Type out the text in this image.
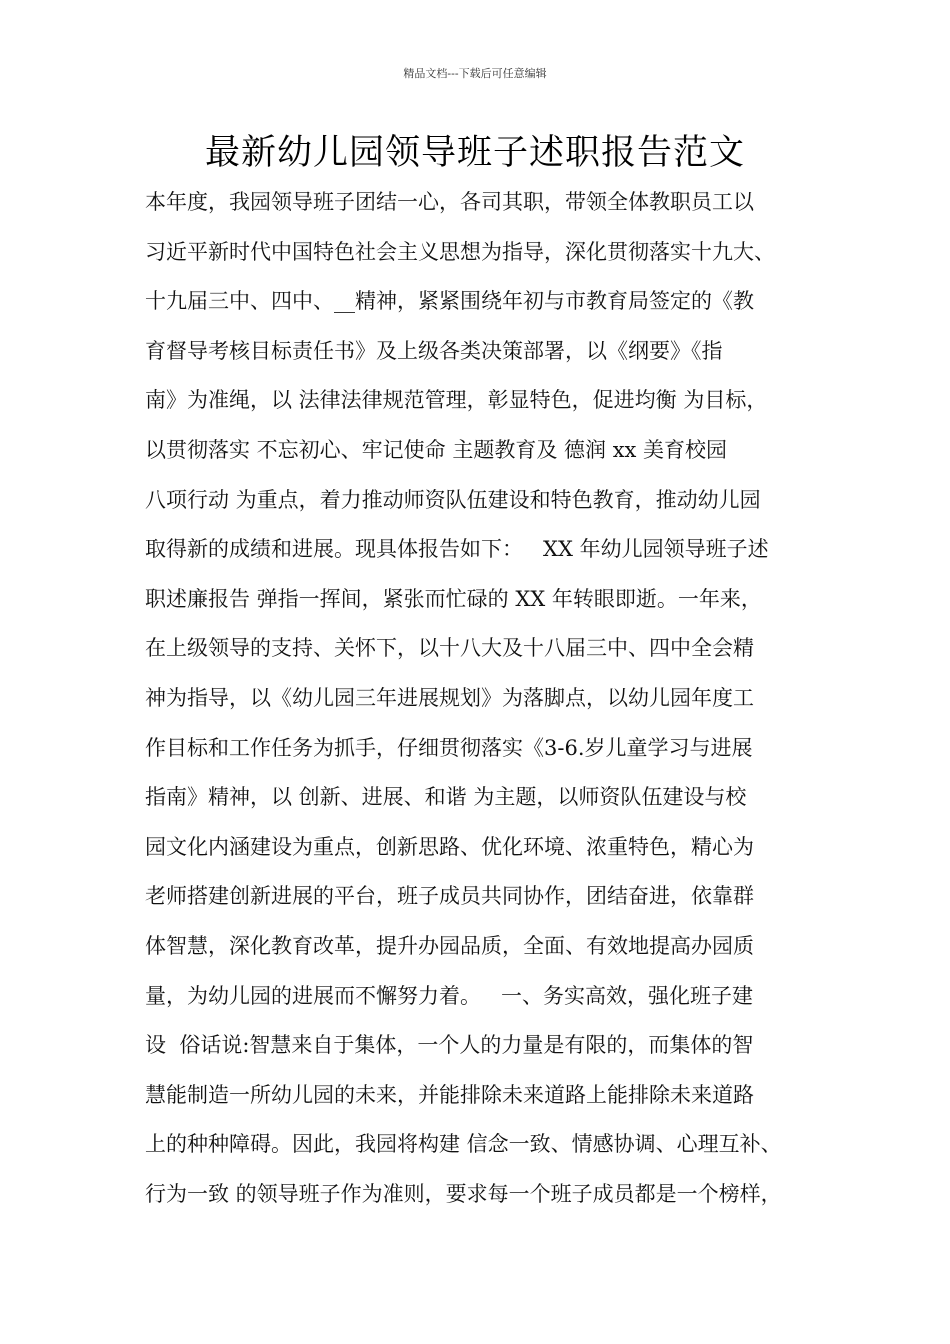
精品文档---下载后可任意编辑
最新幼儿园领导班子述职报告范文
本年度，我园领导班子团结一心，各司其职，带领全体教职员工以
习近平新时代中国特色社会主义思想为指导，深化贯彻落实十九大、
十九届三中、四中、__精神，紧紧围绕年初与市教育局签定的《教
育督导考核目标责任书》及上级各类决策部署，以《纲要》《指
南》为准绳，以 法律法律规范管理，彰显特色，促进均衡 为目标，
以贯彻落实 不忘初心、牢记使命 主题教育及 德润 xx 美育校园
八项行动 为重点，着力推动师资队伍建设和特色教育，推动幼儿园
取得新的成绩和进展。现具体报告如下：   XX 年幼儿园领导班子述
职述廉报告 弹指一挥间，紧张而忙碌的 XX 年转眼即逝。一年来，
在上级领导的支持、关怀下，以十八大及十八届三中、四中全会精
神为指导，以《幼儿园三年进展规划》为落脚点，以幼儿园年度工
作目标和工作任务为抓手，仔细贯彻落实《3-6.岁儿童学习与进展
指南》精神，以 创新、进展、和谐 为主题，以师资队伍建设与校
园文化内涵建设为重点，创新思路、优化环境、浓重特色，精心为
老师搭建创新进展的平台，班子成员共同协作，团结奋进，依靠群
体智慧，深化教育改革，提升办园品质，全面、有效地提高办园质
量，为幼儿园的进展而不懈努力着。   一、务实高效，强化班子建
设  俗话说:智慧来自于集体，一个人的力量是有限的，而集体的智
慧能制造一所幼儿园的未来，并能排除未来道路上能排除未来道路
上的种种障碍。因此，我园将构建 信念一致、情感协调、心理互补、
行为一致 的领导班子作为准则，要求每一个班子成员都是一个榜样，
